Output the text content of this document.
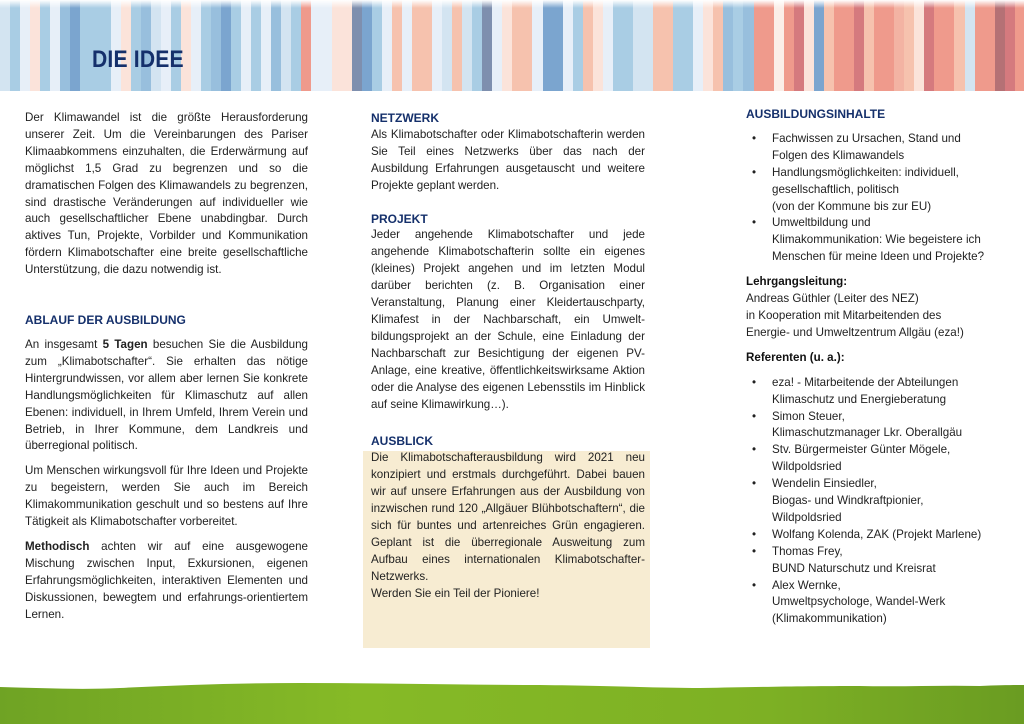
DIE IDEE

Der Klimawandel ist die größte Herausforderung unserer Zeit. Um die Vereinbarungen des Pariser Klimaabkommens einzuhalten, die Erderwärmung auf möglichst 1,5 Grad zu begrenzen und so die dramatischen Folgen des Klimawandels zu begrenzen, sind drastische Veränderungen auf individueller wie auch gesellschaftlicher Ebene unabdingbar. Durch aktives Tun, Projekte, Vorbilder und Kommunikation fördern Klimabotschafter eine breite gesellschaftliche Unterstützung, die dazu notwendig ist.

ABLAUF DER AUSBILDUNG

An insgesamt 5 Tagen besuchen Sie die Ausbildung zum „Klimabotschafter“. Sie erhalten das nötige Hintergrundwissen, vor allem aber lernen Sie konkrete Handlungsmöglichkeiten für Klimaschutz auf allen Ebenen: individuell, in Ihrem Umfeld, Ihrem Verein und Betrieb, in Ihrer Kommune, dem Landkreis und überregional politisch.

Um Menschen wirkungsvoll für Ihre Ideen und Projekte zu begeistern, werden Sie auch im Bereich Klimakommunikation geschult und so bestens auf Ihre Tätigkeit als Klimabotschafter vorbereitet.

Methodisch achten wir auf eine ausgewogene Mischung zwischen Input, Exkursionen, eigenen Erfahrungsmöglichkeiten, interaktiven Elementen und Diskussionen, bewegtem und erfahrungs-orientiertem Lernen.

NETZWERK

Als Klimabotschafter oder Klimabotschafterin werden Sie Teil eines Netzwerks über das nach der Ausbildung Erfahrungen ausgetauscht und weitere Projekte geplant werden.

PROJEKT

Jeder angehende Klimabotschafter und jede angehende Klimabotschafterin sollte ein eigenes (kleines) Projekt angehen und im letzten Modul darüber berichten (z. B. Organisation einer Veranstaltung, Planung einer Kleidertauschparty, Klimafest in der Nachbarschaft, ein Umwelt-bildungsprojekt an der Schule, eine Einladung der Nachbarschaft zur Besichtigung der eigenen PV-Anlage, eine kreative, öffentlichkeitswirksame Aktion oder die Analyse des eigenen Lebensstils im Hinblick auf seine Klimawirkung…).

AUSBLICK

Die Klimabotschafterausbildung wird 2021 neu konzipiert und erstmals durchgeführt. Dabei bauen wir auf unsere Erfahrungen aus der Ausbildung von inzwischen rund 120 „Allgäuer Blühbotschaftern“, die sich für buntes und artenreiches Grün engagieren. Geplant ist die überregionale Ausweitung zum Aufbau eines internationalen Klimabotschafter-Netzwerks.

Werden Sie ein Teil der Pioniere!

AUSBILDUNGSINHALTE
• Fachwissen zu Ursachen, Stand und
Folgen des Klimawandels
• Handlungsmöglichkeiten: individuell,
gesellschaftlich, politisch
(von der Kommune bis zur EU)
• Umweltbildung und
Klimakommunikation: Wie begeistere ich
Menschen für meine Ideen und Projekte?
Lehrgangsleitung:
Andreas Güthler (Leiter des NEZ)
in Kooperation mit Mitarbeitenden des
Energie- und Umweltzentrum Allgäu (eza!)
Referenten (u. a.):
• eza! - Mitarbeitende der Abteilungen
Klimaschutz und Energieberatung
• Simon Steuer,
Klimaschutzmanager Lkr. Oberallgäu
• Stv. Bürgermeister Günter Mögele,
Wildpoldsried
• Wendelin Einsiedler,
Biogas- und Windkraftpionier,
Wildpoldsried
• Wolfang Kolenda, ZAK (Projekt Marlene)
• Thomas Frey,
BUND Naturschutz und Kreisrat
• Alex Wernke,
Umweltpsychologe, Wandel-Werk
(Klimakommunikation)
